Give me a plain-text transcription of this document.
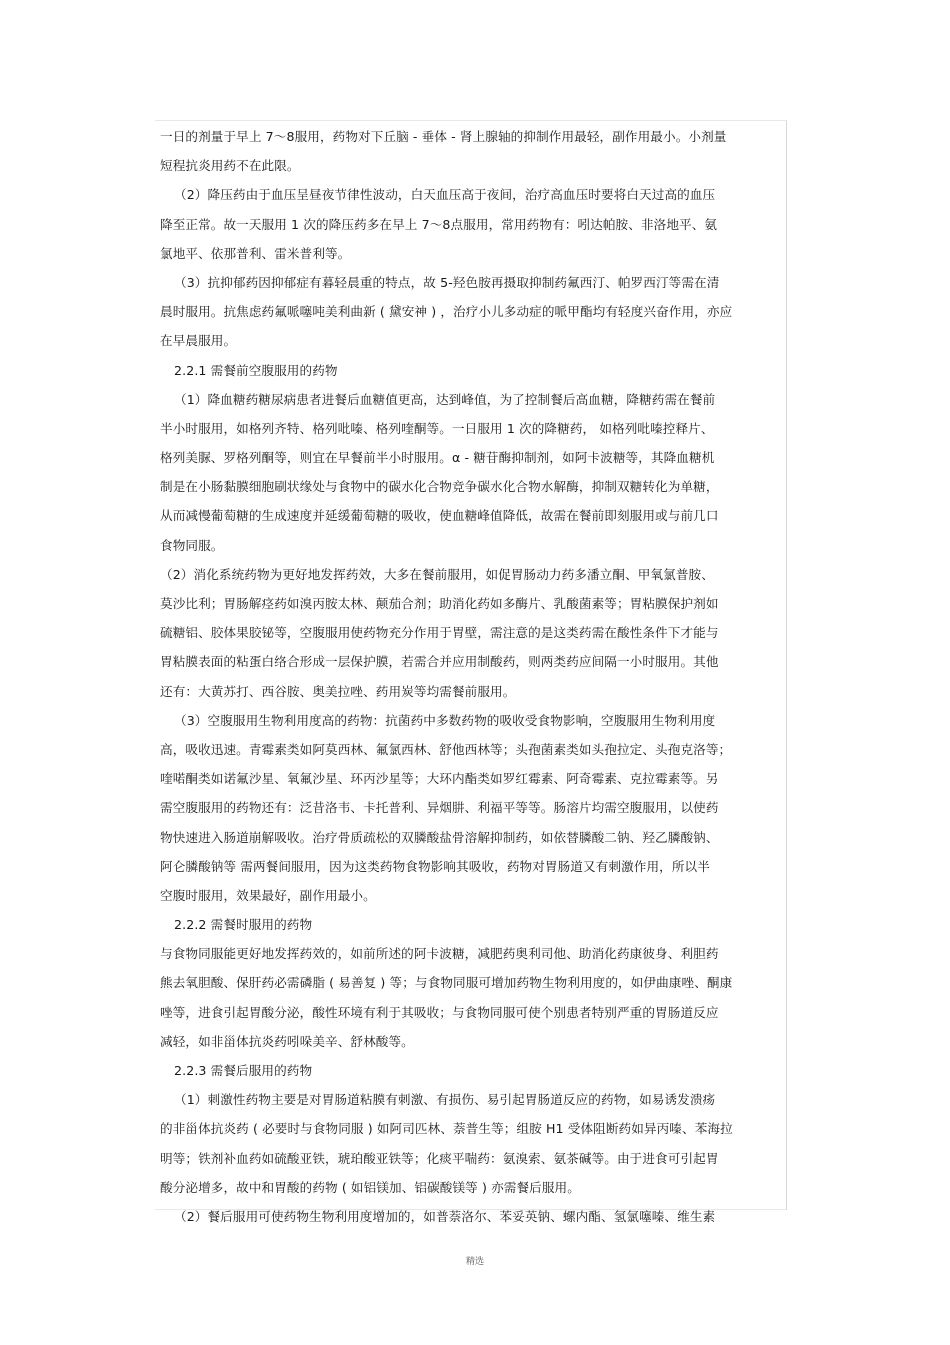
一日的剂量于早上 7～8服用，药物对下丘脑 - 垂体 - 肾上腺轴的抑制作用最轻，副作用最小。小剂量
短程抗炎用药不在此限。
（2）降压药由于血压呈昼夜节律性波动，白天血压高于夜间，治疗高血压时要将白天过高的血压
降至正常。故一天服用 1 次的降压药多在早上 7～8点服用，常用药物有：吲达帕胺、非洛地平、氨
氯地平、依那普利、雷米普利等。
（3）抗抑郁药因抑郁症有暮轻晨重的特点，故 5-羟色胺再摄取抑制药氟西汀、帕罗西汀等需在清
晨时服用。抗焦虑药氟哌噻吨美利曲新 ( 黛安神 ) ，治疗小儿多动症的哌甲酯均有轻度兴奋作用，亦应
在早晨服用。
2.2.1 需餐前空腹服用的药物
（1）降血糖药糖尿病患者进餐后血糖值更高，达到峰值，为了控制餐后高血糖，降糖药需在餐前
半小时服用，如格列齐特、格列吡嗪、格列喹酮等。一日服用 1 次的降糖药， 如格列吡嗪控释片、
格列美脲、罗格列酮等，则宜在早餐前半小时服用。α - 糖苷酶抑制剂，如阿卡波糖等，其降血糖机
制是在小肠黏膜细胞刷状缘处与食物中的碳水化合物竞争碳水化合物水解酶，抑制双糖转化为单糖，
从而减慢葡萄糖的生成速度并延缓葡萄糖的吸收，使血糖峰值降低，故需在餐前即刻服用或与前几口
食物同服。
（2）消化系统药物为更好地发挥药效，大多在餐前服用，如促胃肠动力药多潘立酮、甲氧氯普胺、
莫沙比利；胃肠解痉药如溴丙胺太林、颠茄合剂；助消化药如多酶片、乳酸菌素等；胃粘膜保护剂如
硫糖铝、胶体果胶铋等，空腹服用使药物充分作用于胃壁，需注意的是这类药需在酸性条件下才能与
胃粘膜表面的粘蛋白络合形成一层保护膜，若需合并应用制酸药，则两类药应间隔一小时服用。其他
还有：大黄苏打、西谷胺、奥美拉唑、药用炭等均需餐前服用。
（3）空腹服用生物利用度高的药物：抗菌药中多数药物的吸收受食物影响，空腹服用生物利用度
高，吸收迅速。青霉素类如阿莫西林、氟氯西林、舒他西林等；头孢菌素类如头孢拉定、头孢克洛等；
喹喏酮类如诺氟沙星、氧氟沙星、环丙沙星等；大环内酯类如罗红霉素、阿奇霉素、克拉霉素等。另
需空腹服用的药物还有：泛昔洛韦、卡托普利、异烟肼、利福平等等。肠溶片均需空腹服用，以使药
物快速进入肠道崩解吸收。治疗骨质疏松的双膦酸盐骨溶解抑制药，如依替膦酸二钠、羟乙膦酸钠、
阿仑膦酸钠等 需两餐间服用，因为这类药物食物影响其吸收，药物对胃肠道又有刺激作用，所以半
空腹时服用，效果最好，副作用最小。
2.2.2 需餐时服用的药物
与食物同服能更好地发挥药效的，如前所述的阿卡波糖，减肥药奥利司他、助消化药康彼身、利胆药
熊去氧胆酸、保肝药必需磷脂 ( 易善复 ) 等；与食物同服可增加药物生物利用度的，如伊曲康唑、酮康
唑等，进食引起胃酸分泌，酸性环境有利于其吸收；与食物同服可使个别患者特别严重的胃肠道反应
减轻，如非甾体抗炎药吲哚美辛、舒林酸等。
2.2.3 需餐后服用的药物
（1）刺激性药物主要是对胃肠道粘膜有刺激、有损伤、易引起胃肠道反应的药物，如易诱发溃疡
的非甾体抗炎药 ( 必要时与食物同服 ) 如阿司匹林、萘普生等；组胺 H1 受体阻断药如异丙嗪、苯海拉
明等；铁剂补血药如硫酸亚铁，琥珀酸亚铁等；化痰平喘药：氨溴索、氨茶碱等。由于进食可引起胃
酸分泌增多，故中和胃酸的药物 ( 如铝镁加、铝碳酸镁等 ) 亦需餐后服用。
（2）餐后服用可使药物生物利用度增加的，如普萘洛尔、苯妥英钠、螺内酯、氢氯噻嗪、维生素
精选
